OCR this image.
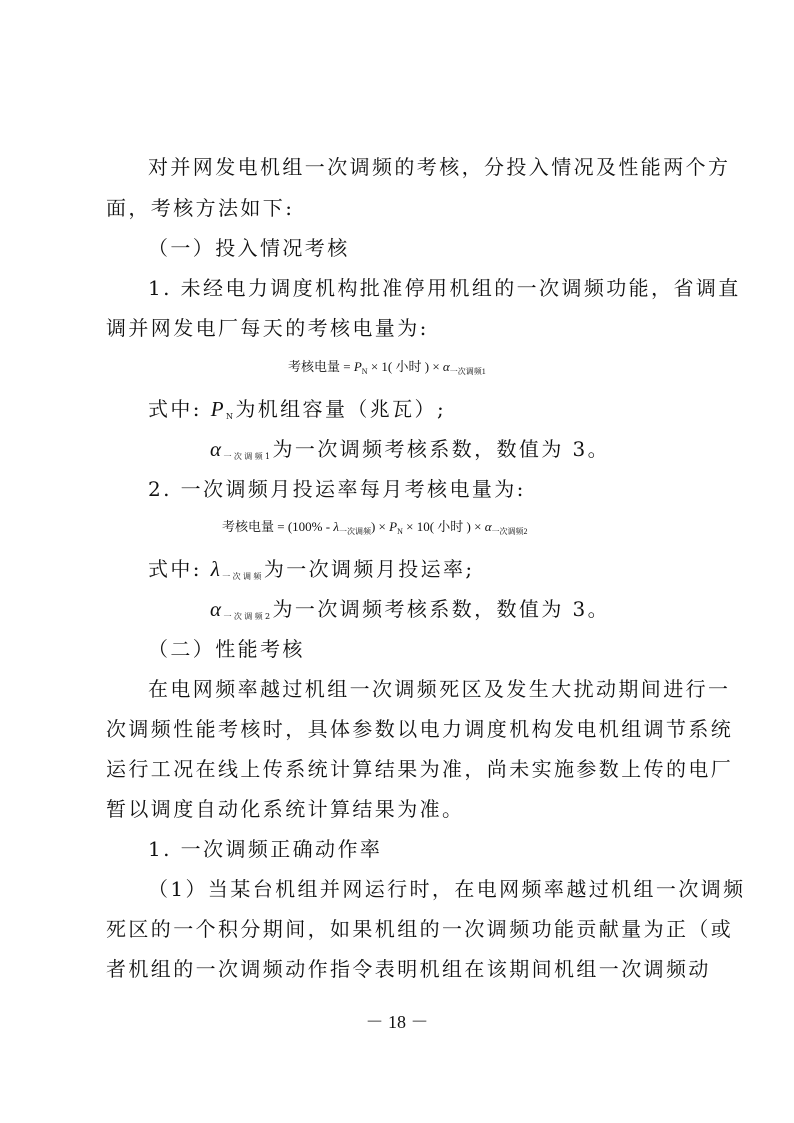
对并网发电机组一次调频的考核，分投入情况及性能两个方
面，考核方法如下:
（一）投入情况考核
1. 未经电力调度机构批准停用机组的一次调频功能，省调直
调并网发电厂每天的考核电量为:
考核电量 = $P_N \times 1$( 小时 ) × $\alpha_{一次调频1}$
式中: $P_N$为机组容量（兆瓦）;
$\alpha_{一次调频1}$为一次调频考核系数，数值为 3。
2. 一次调频月投运率每月考核电量为:
考核电量 = $(100\% - \lambda_{一次调频}) \times P_N \times 10$( 小时 ) × $\alpha_{一次调频2}$
式中: $\lambda_{一次调频}$为一次调频月投运率;
$\alpha_{一次调频2}$为一次调频考核系数，数值为 3。
（二）性能考核
在电网频率越过机组一次调频死区及发生大扰动期间进行一
次调频性能考核时，具体参数以电力调度机构发电机组调节系统
运行工况在线上传系统计算结果为准，尚未实施参数上传的电厂
暂以调度自动化系统计算结果为准。
1. 一次调频正确动作率
（1）当某台机组并网运行时，在电网频率越过机组一次调频
死区的一个积分期间，如果机组的一次调频功能贡献量为正（或
者机组的一次调频动作指令表明机组在该期间机组一次调频动
－ 18 －
